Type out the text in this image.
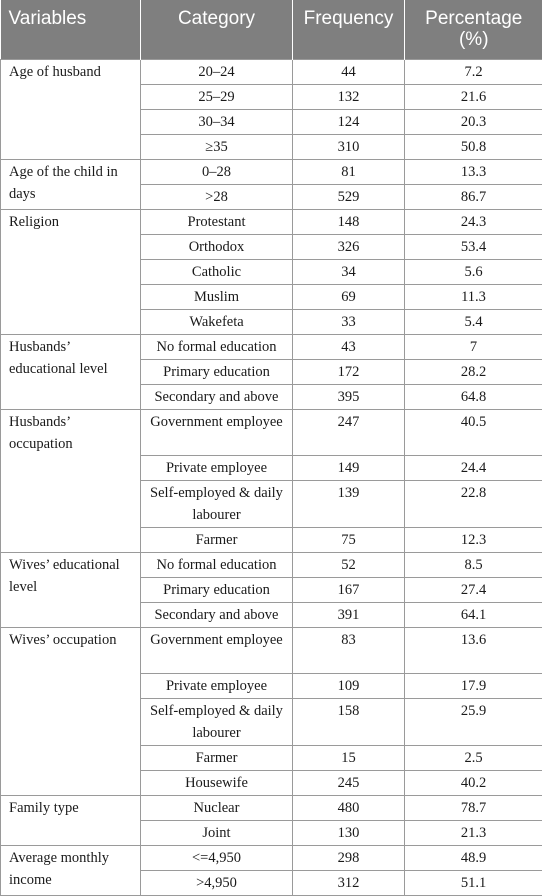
Variables	Category	Frequency	Percentage (%)
Age of husband	20–24	44	7.2
	25–29	132	21.6
	30–34	124	20.3
	≥35	310	50.8
Age of the child in days	0–28	81	13.3
	>28	529	86.7
Religion	Protestant	148	24.3
	Orthodox	326	53.4
	Catholic	34	5.6
	Muslim	69	11.3
	Wakefeta	33	5.4
Husbands’ educational level	No formal education	43	7
	Primary education	172	28.2
	Secondary and above	395	64.8
Husbands’ occupation	Government employee	247	40.5
	Private employee	149	24.4
	Self-employed & daily labourer	139	22.8
	Farmer	75	12.3
Wives’ educational level	No formal education	52	8.5
	Primary education	167	27.4
	Secondary and above	391	64.1
Wives’ occupation	Government employee	83	13.6
	Private employee	109	17.9
	Self-employed & daily labourer	158	25.9
	Farmer	15	2.5
	Housewife	245	40.2
Family type	Nuclear	480	78.7
	Joint	130	21.3
Average monthly income	<=4,950	298	48.9
	>4,950	312	51.1
